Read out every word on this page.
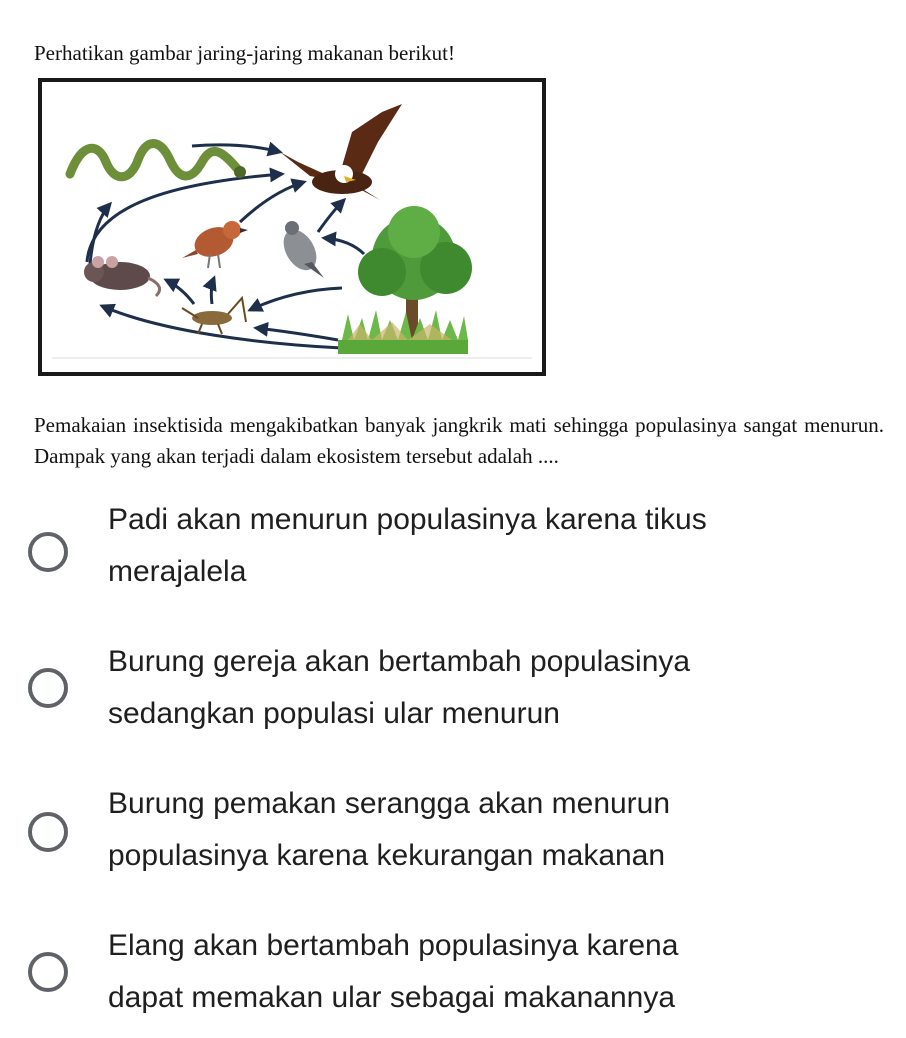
Perhatikan gambar jaring-jaring makanan berikut!
Pemakaian insektisida mengakibatkan banyak jangkrik mati sehingga populasinya sangat menurun. Dampak yang akan terjadi dalam ekosistem tersebut adalah ....
Padi akan menurun populasinya karena tikus
merajalela
Burung gereja akan bertambah populasinya
sedangkan populasi ular menurun
Burung pemakan serangga akan menurun
populasinya karena kekurangan makanan
Elang akan bertambah populasinya karena
dapat memakan ular sebagai makanannya
